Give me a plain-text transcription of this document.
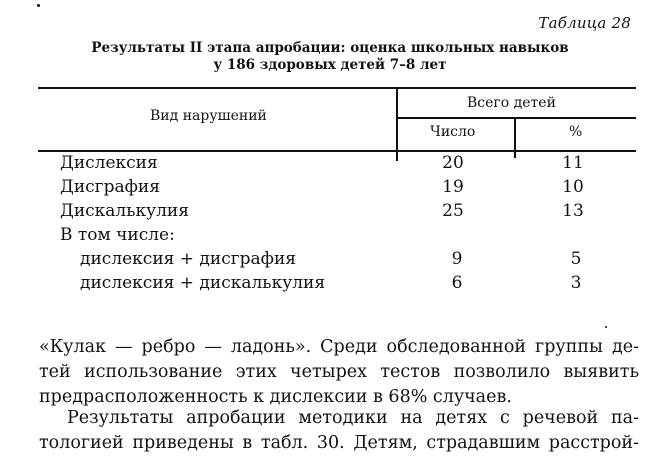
Таблица 28
Результаты II этапа апробации: оценка школьных навыков
у 186 здоровых детей 7–8 лет
Вид нарушений
Всего детей
Число	%
Дислексия	20	11
Дисграфия	19	10
Дискалькулия	25	13
В том числе:
дислексия + дисграфия	9	5
дислексия + дискалькулия	6	3
«Кулак — ребро — ладонь». Среди обследованной группы де-
тей использование этих четырех тестов позволило выявить
предрасположенность к дислексии в 68% случаев.
Результаты апробации методики на детях с речевой па-
тологией приведены в табл. 30. Детям, страдавшим расстрой-
